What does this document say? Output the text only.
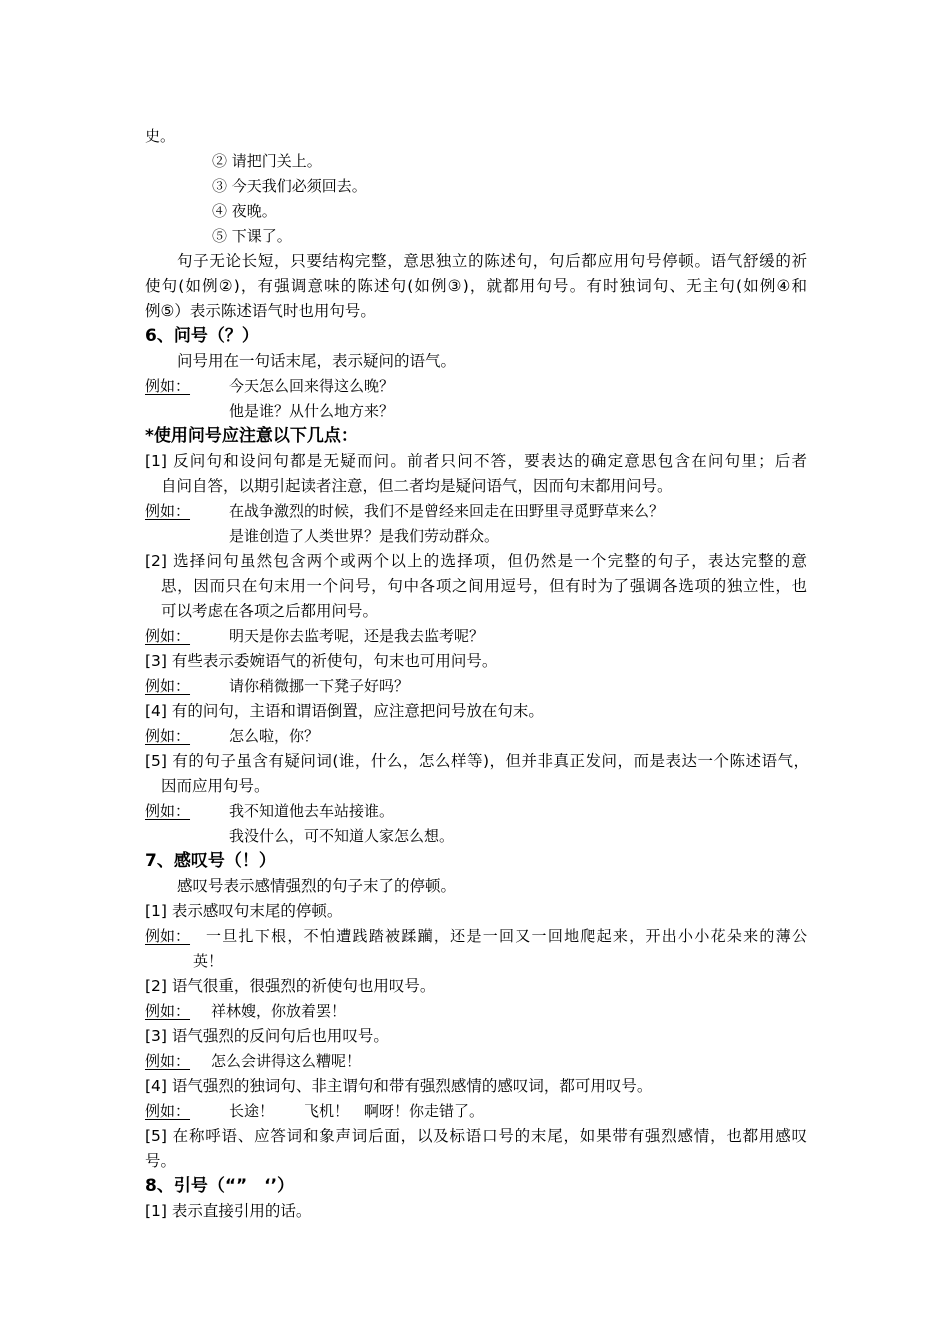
史。
② 请把门关上。
③ 今天我们必须回去。
④ 夜晚。
⑤ 下课了。
句子无论长短，只要结构完整，意思独立的陈述句，句后都应用句号停顿。语气舒缓的祈
使句(如例②)，有强调意味的陈述句(如例③)，就都用句号。有时独词句、无主句(如例④和
例⑤）表示陈述语气时也用句号。
6、问号（？）
问号用在一句话末尾，表示疑问的语气。
例如：	今天怎么回来得这么晚？
他是谁？从什么地方来？
*使用问号应注意以下几点：
[1] 反问句和设问句都是无疑而问。前者只问不答，要表达的确定意思包含在问句里；后者
自问自答，以期引起读者注意，但二者均是疑问语气，因而句末都用问号。
例如：	在战争激烈的时候，我们不是曾经来回走在田野里寻觅野草来么？
是谁创造了人类世界？是我们劳动群众。
[2] 选择问句虽然包含两个或两个以上的选择项，但仍然是一个完整的句子，表达完整的意
思，因而只在句末用一个问号，句中各项之间用逗号，但有时为了强调各选项的独立性，也
可以考虑在各项之后都用问号。
例如：	明天是你去监考呢，还是我去监考呢？
[3] 有些表示委婉语气的祈使句，句末也可用问号。
例如：	请你稍微挪一下凳子好吗？
[4] 有的问句，主语和谓语倒置，应注意把问号放在句末。
例如：	怎么啦，你？
[5] 有的句子虽含有疑问词(谁，什么，怎么样等)，但并非真正发问，而是表达一个陈述语气，
因而应用句号。
例如：	我不知道他去车站接谁。
我没什么，可不知道人家怎么想。
7、感叹号（！）
感叹号表示感情强烈的句子末了的停顿。
[1] 表示感叹句末尾的停顿。
例如： 一旦扎下根，不怕遭践踏被蹂躏，还是一回又一回地爬起来，开出小小花朵来的薄公
英！
[2] 语气很重，很强烈的祈使句也用叹号。
例如： 祥林嫂，你放着罢！
[3] 语气强烈的反问句后也用叹号。
例如： 怎么会讲得这么糟呢！
[4] 语气强烈的独词句、非主谓句和带有强烈感情的感叹词，都可用叹号。
例如：	长途！　　飞机！　啊呀！你走错了。
[5] 在称呼语、应答词和象声词后面，以及标语口号的末尾，如果带有强烈感情，也都用感叹
号。
8、引号（“”　‘’）
[1] 表示直接引用的话。
